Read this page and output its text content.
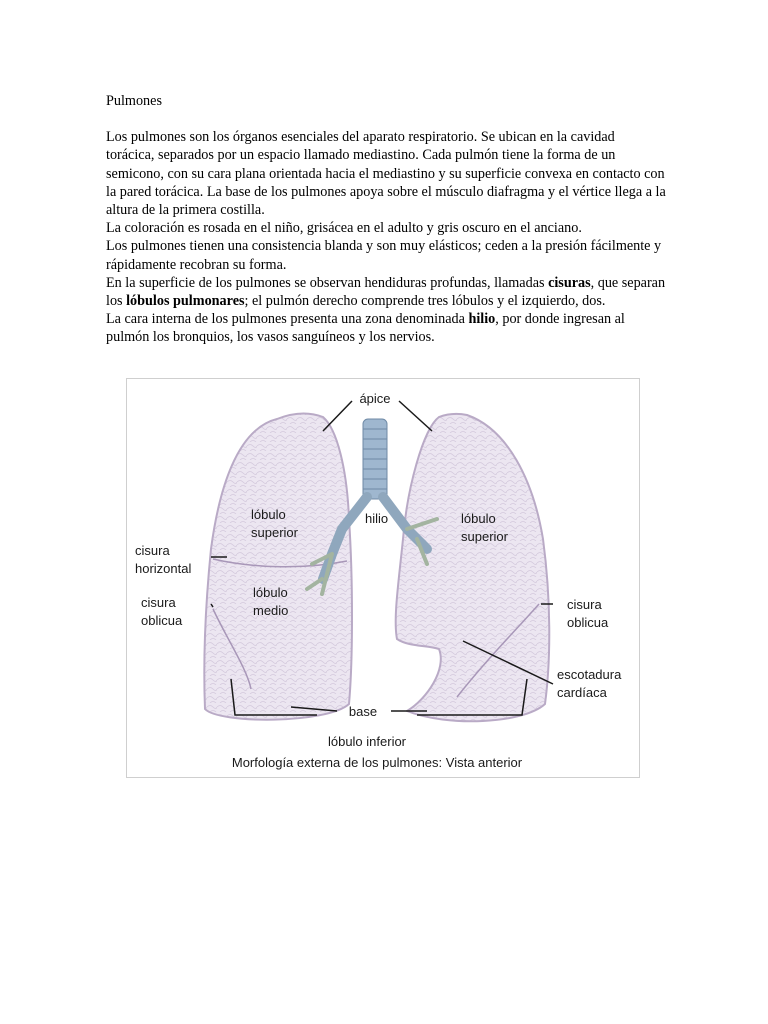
Pulmones

Los pulmones son los órganos esenciales del aparato respiratorio. Se ubican en la cavidad torácica, separados por un espacio llamado mediastino. Cada pulmón tiene la forma de un semicono, con su cara plana orientada hacia el mediastino y su superficie convexa en contacto con la pared torácica. La base de los pulmones apoya sobre el músculo diafragma y el vértice llega a la altura de la primera costilla.

La coloración es rosada en el niño, grisácea en el adulto y gris oscuro en el anciano.

Los pulmones tienen una consistencia blanda y son muy elásticos; ceden a la presión fácilmente y rápidamente recobran su forma.

En la superficie de los pulmones se observan hendiduras profundas, llamadas cisuras, que separan los lóbulos pulmonares; el pulmón derecho comprende tres lóbulos y el izquierdo, dos.

La cara interna de los pulmones presenta una zona denominada hilio, por donde ingresan al pulmón los bronquios, los vasos sanguíneos y los nervios.

ápice
hilio
lóbulo
superior
lóbulo
superior
lóbulo
medio
cisura
horizontal
cisura
oblicua
cisura
oblicua
escotadura
cardíaca
base
lóbulo inferior
Morfología externa de los pulmones: Vista anterior
